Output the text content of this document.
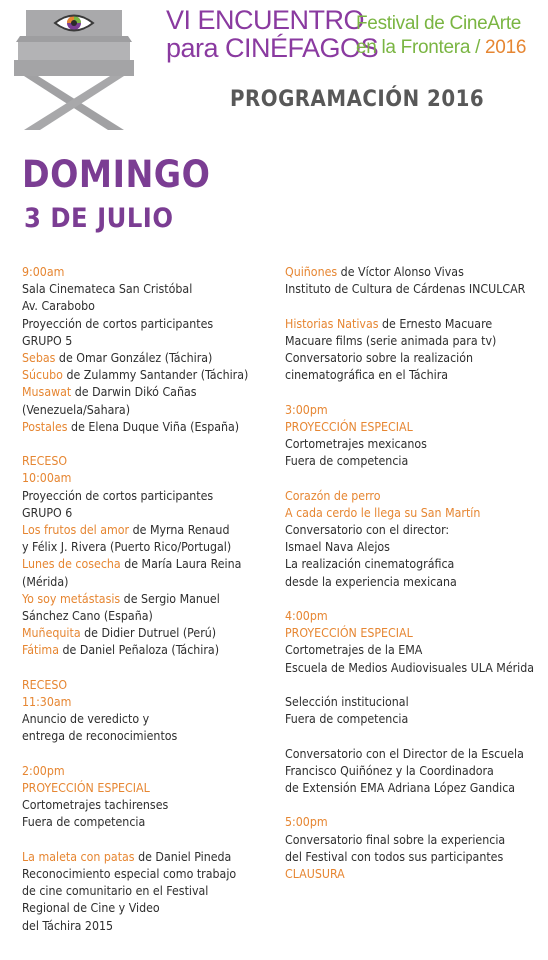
VI ENCUENTRO
para CINÉFAGOS
Festival de CineArte
en la Frontera / 2016
PROGRAMACIÓN 2016
DOMINGO
3 DE JULIO
9:00am
Sala Cinemateca San Cristóbal
Av. Carabobo
Proyección de cortos participantes
GRUPO 5
Sebas de Omar González (Táchira)
Súcubo de Zulammy Santander (Táchira)
Musawat de Darwin Dikó Cañas
(Venezuela/Sahara)
Postales de Elena Duque Viña (España)
RECESO
10:00am
Proyección de cortos participantes
GRUPO 6
Los frutos del amor de Myrna Renaud
y Félix J. Rivera (Puerto Rico/Portugal)
Lunes de cosecha de María Laura Reina
(Mérida)
Yo soy metástasis de Sergio Manuel
Sánchez Cano (España)
Muñequita de Didier Dutruel (Perú)
Fátima de Daniel Peñaloza (Táchira)
RECESO
11:30am
Anuncio de veredicto y
entrega de reconocimientos
2:00pm
PROYECCIÓN ESPECIAL
Cortometrajes tachirenses
Fuera de competencia
La maleta con patas de Daniel Pineda
Reconocimiento especial como trabajo
de cine comunitario en el Festival
Regional de Cine y Video
del Táchira 2015
Quiñones de Víctor Alonso Vivas
Instituto de Cultura de Cárdenas INCULCAR
Historias Nativas de Ernesto Macuare
Macuare films (serie animada para tv)
Conversatorio sobre la realización
cinematográfica en el Táchira
3:00pm
PROYECCIÓN ESPECIAL
Cortometrajes mexicanos
Fuera de competencia
Corazón de perro
A cada cerdo le llega su San Martín
Conversatorio con el director:
Ismael Nava Alejos
La realización cinematográfica
desde la experiencia mexicana
4:00pm
PROYECCIÓN ESPECIAL
Cortometrajes de la EMA
Escuela de Medios Audiovisuales ULA Mérida
Selección institucional
Fuera de competencia
Conversatorio con el Director de la Escuela
Francisco Quiñónez y la Coordinadora
de Extensión EMA Adriana López Gandica
5:00pm
Conversatorio final sobre la experiencia
del Festival con todos sus participantes
CLAUSURA
